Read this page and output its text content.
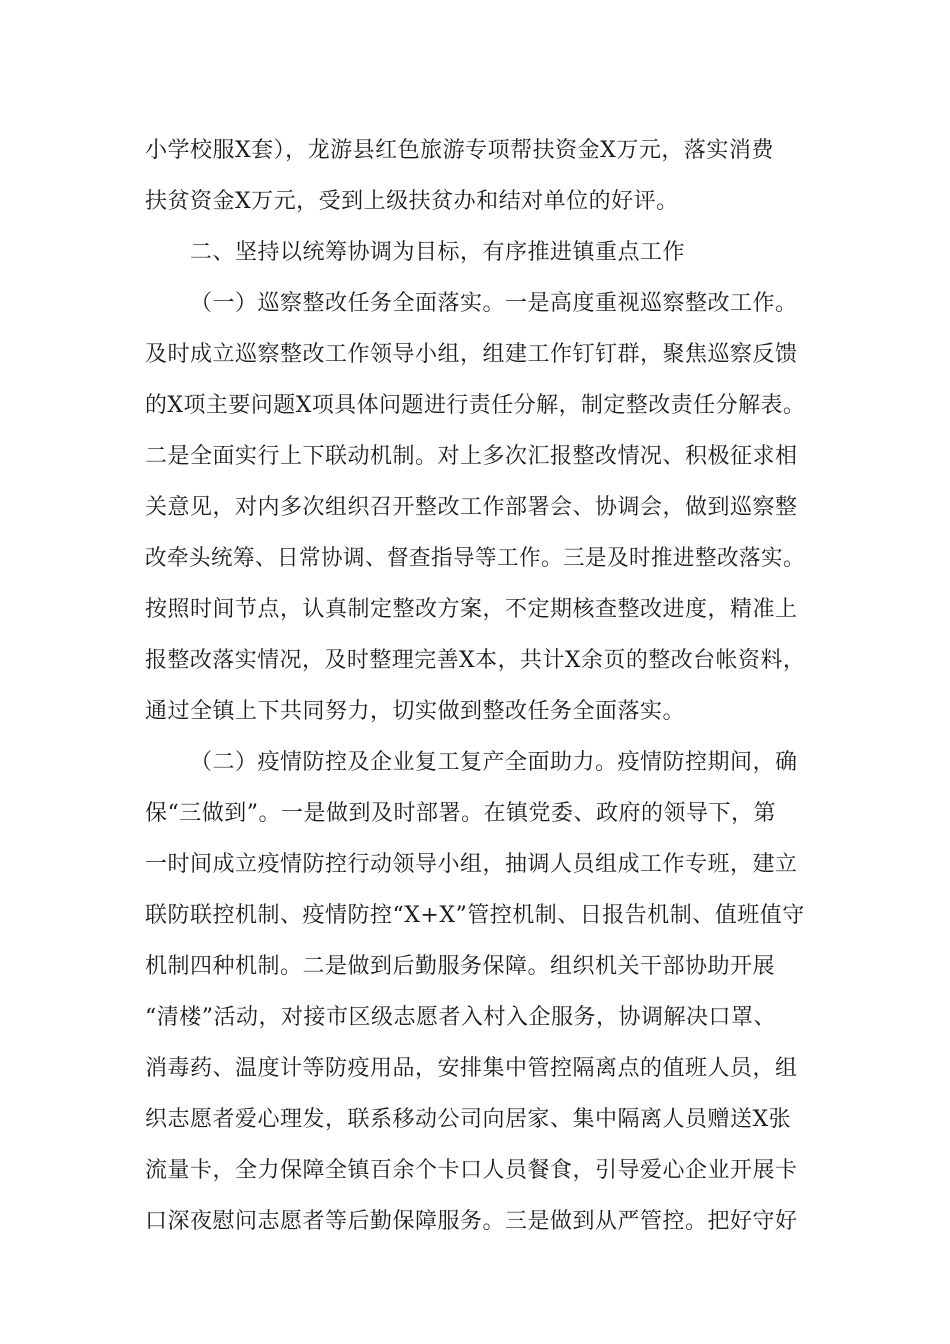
小学校服X套），龙游县红色旅游专项帮扶资金X万元，落实消费
扶贫资金X万元，受到上级扶贫办和结对单位的好评。
二、坚持以统筹协调为目标，有序推进镇重点工作
（一）巡察整改任务全面落实。一是高度重视巡察整改工作。
及时成立巡察整改工作领导小组，组建工作钉钉群，聚焦巡察反馈
的X项主要问题X项具体问题进行责任分解，制定整改责任分解表。
二是全面实行上下联动机制。对上多次汇报整改情况、积极征求相
关意见，对内多次组织召开整改工作部署会、协调会，做到巡察整
改牵头统筹、日常协调、督查指导等工作。三是及时推进整改落实。
按照时间节点，认真制定整改方案，不定期核查整改进度，精准上
报整改落实情况，及时整理完善X本，共计X余页的整改台帐资料，
通过全镇上下共同努力，切实做到整改任务全面落实。
（二）疫情防控及企业复工复产全面助力。疫情防控期间，确
保“三做到”。一是做到及时部署。在镇党委、政府的领导下，第
一时间成立疫情防控行动领导小组，抽调人员组成工作专班，建立
联防联控机制、疫情防控“X+X”管控机制、日报告机制、值班值守
机制四种机制。二是做到后勤服务保障。组织机关干部协助开展
“清楼”活动，对接市区级志愿者入村入企服务，协调解决口罩、
消毒药、温度计等防疫用品，安排集中管控隔离点的值班人员，组
织志愿者爱心理发，联系移动公司向居家、集中隔离人员赠送X张
流量卡，全力保障全镇百余个卡口人员餐食，引导爱心企业开展卡
口深夜慰问志愿者等后勤保障服务。三是做到从严管控。把好守好
